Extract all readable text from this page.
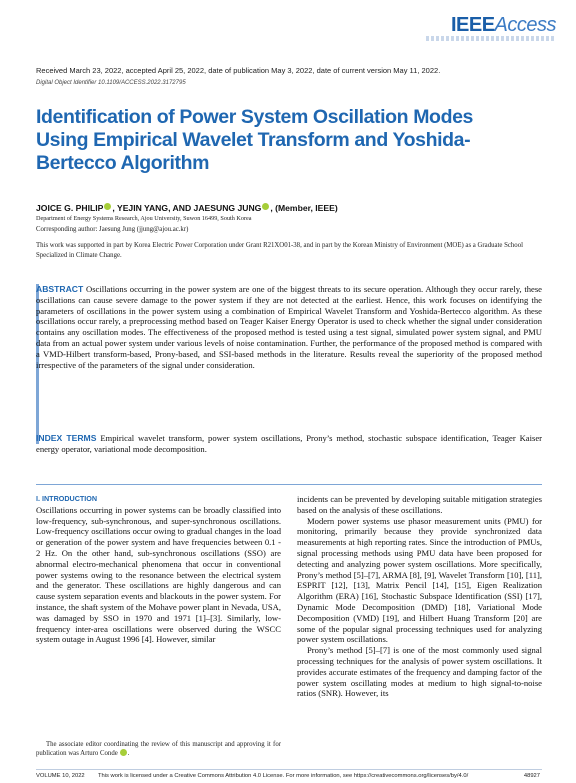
IEEEAccess
Received March 23, 2022, accepted April 25, 2022, date of publication May 3, 2022, date of current version May 11, 2022.
Digital Object Identifier 10.1109/ACCESS.2022.3172795
Identification of Power System Oscillation Modes Using Empirical Wavelet Transform and Yoshida-Bertecco Algorithm
JOICE G. PHILIP , YEJIN YANG, AND JAESUNG JUNG , (Member, IEEE)
Department of Energy Systems Research, Ajou University, Suwon 16499, South Korea
Corresponding author: Jaesung Jung (jjung@ajou.ac.kr)
This work was supported in part by Korea Electric Power Corporation under Grant R21XO01-38, and in part by the Korean Ministry of Environment (MOE) as a Graduate School Specialized in Climate Change.
ABSTRACT Oscillations occurring in the power system are one of the biggest threats to its secure operation. Although they occur rarely, these oscillations can cause severe damage to the power system if they are not detected at the earliest. Hence, this work focuses on identifying the parameters of oscillations in the power system using a combination of Empirical Wavelet Transform and Yoshida-Bertecco algorithm. As these oscillations occur rarely, a preprocessing method based on Teager Kaiser Energy Operator is used to check whether the signal under consideration contains any oscillation modes. The effectiveness of the proposed method is tested using a test signal, simulated power system signal, and PMU data from an actual power system under various levels of noise contamination. Further, the performance of the proposed method is compared with a VMD-Hilbert transform-based, Prony-based, and SSI-based methods in the literature. Results reveal the superiority of the proposed method irrespective of the parameters of the signal under consideration.
INDEX TERMS Empirical wavelet transform, power system oscillations, Prony’s method, stochastic subspace identification, Teager Kaiser energy operator, variational mode decomposition.
I. INTRODUCTION

Oscillations occurring in power systems can be broadly classified into low-frequency, sub-synchronous, and super-synchronous oscillations. Low-frequency oscillations occur owing to gradual changes in the load or generation of the power system and have frequencies between 0.1 - 2 Hz. On the other hand, sub-synchronous oscillations (SSO) are abnormal electro-mechanical phenomena that occur in conventional power systems owing to the resonance between the electrical system and the generator. These oscillations are highly dangerous and can cause system separation events and blackouts in the power system. For instance, the shaft system of the Mohave power plant in Nevada, USA, was damaged by SSO in 1970 and 1971 [1]–[3]. Similarly, low-frequency inter-area oscillations were observed during the WSCC system outage in August 1996 [4]. However, similar

incidents can be prevented by developing suitable mitigation strategies based on the analysis of these oscillations.

Modern power systems use phasor measurement units (PMU) for monitoring, primarily because they provide synchronized data measurements at high reporting rates. Since the introduction of PMUs, signal processing methods using PMU data have been proposed for detecting and analyzing power system oscillations. More specifically, Prony’s method [5]–[7], ARMA [8], [9], Wavelet Transform [10], [11], ESPRIT [12], [13], Matrix Pencil [14], [15], Eigen Realization Algorithm (ERA) [16], Stochastic Subspace Identification (SSI) [17], Dynamic Mode Decomposition (DMD) [18], Variational Mode Decomposition (VMD) [19], and Hilbert Huang Transform [20] are some of the popular signal processing techniques used for analyzing power system oscillations.

Prony’s method [5]–[7] is one of the most commonly used signal processing techniques for the analysis of power system oscillations. It provides accurate estimates of the frequency and damping factor of the power system oscillating modes at medium to high signal-to-noise ratios (SNR). However, its

The associate editor coordinating the review of this manuscript and approving it for publication was Arturo Conde .
VOLUME 10, 2022 This work is licensed under a Creative Commons Attribution 4.0 License. For more information, see https://creativecommons.org/licenses/by/4.0/	48927
